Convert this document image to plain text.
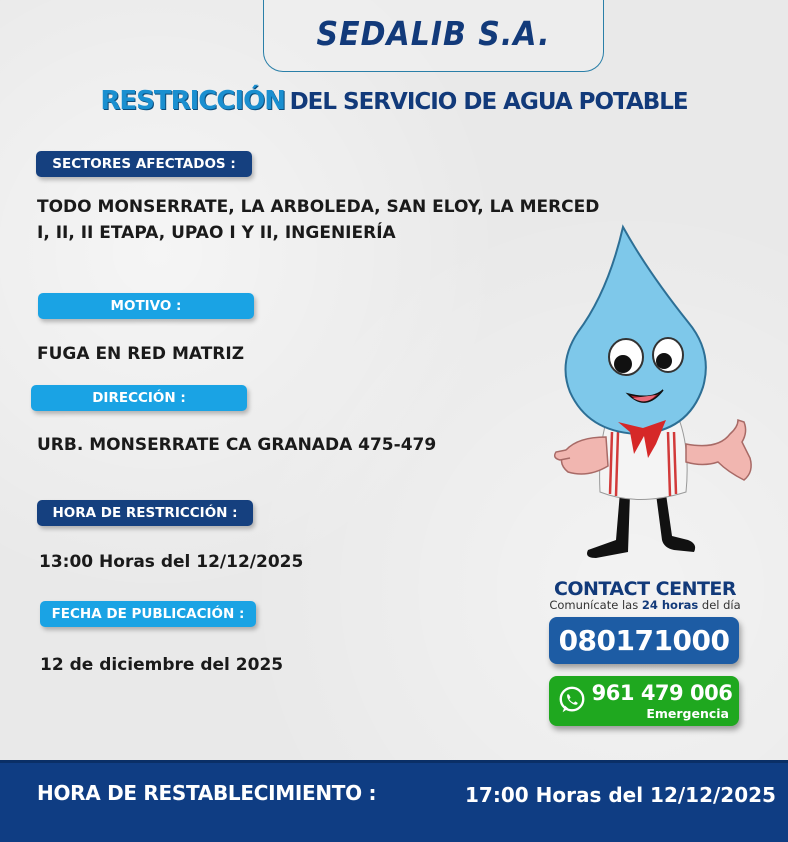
SEDALIB S.A.
RESTRICCIÓN DEL SERVICIO DE AGUA POTABLE
SECTORES AFECTADOS :
TODO MONSERRATE, LA ARBOLEDA, SAN ELOY, LA MERCED
I, II, II ETAPA, UPAO I Y II, INGENIERÍA
MOTIVO :
FUGA EN RED MATRIZ
DIRECCIÓN :
URB. MONSERRATE CA GRANADA 475-479
HORA DE RESTRICCIÓN :
13:00 Horas del 12/12/2025
FECHA DE PUBLICACIÓN :
12 de diciembre del 2025
CONTACT CENTER
Comunícate las 24 horas del día
080171000
961 479 006
Emergencia
HORA DE RESTABLECIMIENTO :	17:00 Horas del 12/12/2025
